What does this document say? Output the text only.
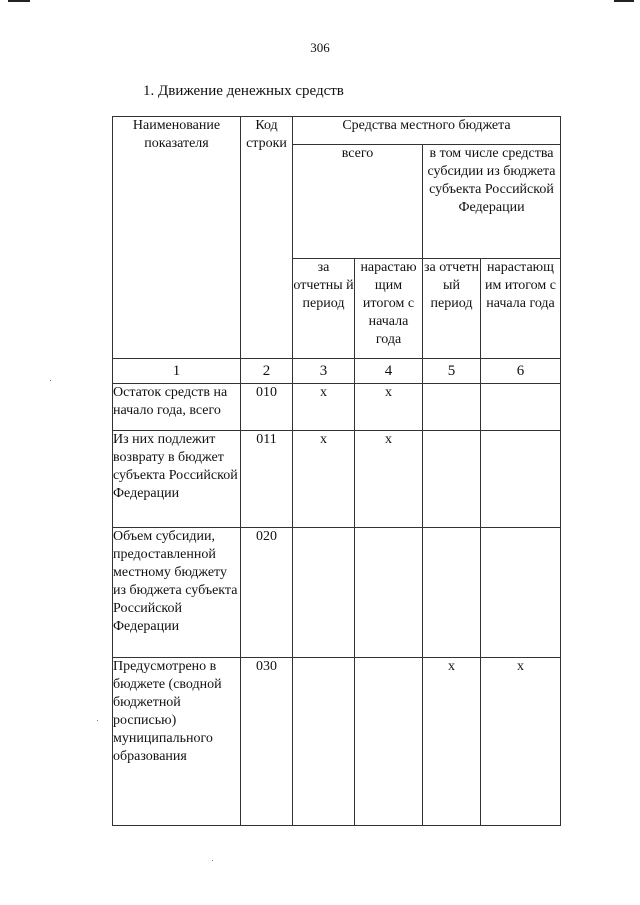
306
1. Движение денежных средств
Наименование показателя	Код строки	Средства местного бюджета			
		всего		в том числе средства субсидии из бюджета субъекта Российской Федерации	
		за отчетны й период	нарастаю щим итогом с начала года	за отчетн ый период	нарастающ им итогом с начала года
1	2	3	4	5	6
Остаток средств на начало года, всего	010	х	х		
Из них подлежит возврату в бюджет субъекта Российской Федерации	011	х	х		
Объем субсидии, предоставленной местному бюджету из бюджета субъекта Российской Федерации	020				
Предусмотрено в бюджете (сводной бюджетной росписью) муниципального образования	030			х	х
